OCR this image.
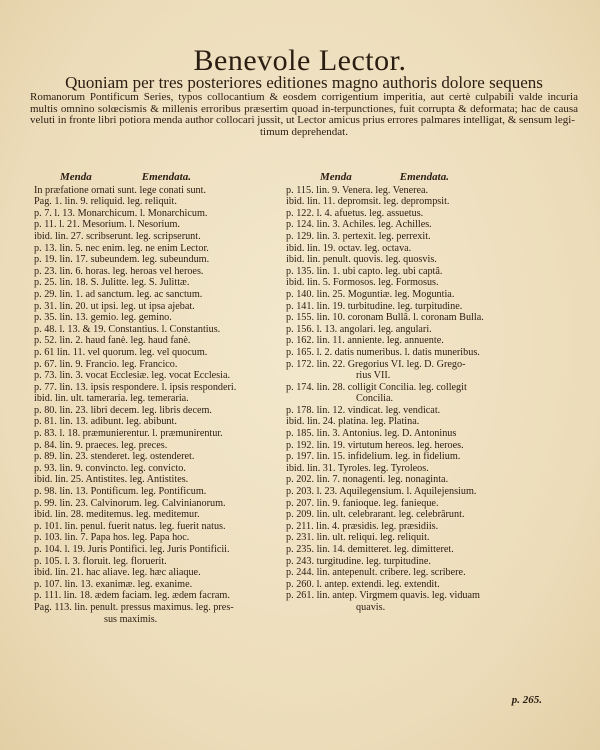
Benevole Lector.
Quoniam per tres posteriores editiones magno authoris dolore sequens
Romanorum Pontificum Series, typos collocantium & eosdem corrigentium imperitia, aut certè culpabili valde incuria multis omnino solœcismis & millenis erroribus præsertim quoad in-terpunctiones, fuit corrupta & deformata; hac de causa veluti in fronte libri potiora menda author collocari jussit, ut Lector amicus prius errores palmares intelligat, & sensum legi-
timum deprehendat.
Menda	Emendata.
In præfatione ornati sunt. lege conati sunt.
Pag. 1. lin. 9. reliquid. leg. reliquit.
p. 7. l. 13. Monarchicum. l. Monarchicum.
p. 11. l. 21. Mesorium. l. Nesorium.
ibid. lin. 27. scribserunt. leg. scripserunt.
p. 13. lin. 5. nec enim. leg. ne enim Lector.
p. 19. lin. 17. subeundem. leg. subeundum.
p. 23. lin. 6. horas. leg. heroas vel heroes.
p. 25. lin. 18. S. Julitte. leg. S. Julittæ.
p. 29. lin. 1. ad sanctum. leg. ac sanctum.
p. 31. lin. 20. ut ipsi. leg. ut ipsa ajebat.
p. 35. lin. 13. gemio. leg. gemino.
p. 48. l. 13. & 19. Constantius. l. Constantius.
p. 52. lin. 2. haud fanè. leg. haud fanè.
p. 61 lin. 11. vel quorum. leg. vel quocum.
p. 67. lin. 9. Francio. leg. Francico.
p. 73. lin. 3. vocat Ecclesiæ. leg. vocat Ecclesia.
p. 77. lin. 13. ipsis respondere. l. ipsis responderi.
ibid. lin. ult. tameraria. leg. temeraria.
p. 80. lin. 23. libri decem. leg. libris decem.
p. 81. lin. 13. adibunt. leg. abibunt.
p. 83. l. 18. præmunierentur. l. præmunirentur.
p. 84. lin. 9. praeces. leg. preces.
p. 89. lin. 23. stenderet. leg. ostenderet.
p. 93. lin. 9. convincto. leg. convicto.
ibid. lin. 25. Antistites. leg. Antistites.
p. 98. lin. 13. Pontificum. leg. Pontificum.
p. 99. lin. 23. Calvinorum. leg. Calvinianorum.
ibid. lin. 28. meditemus. leg. meditemur.
p. 101. lin. penul. fuerit natus. leg. fuerit natus.
p. 103. lin. 7. Papa hos. leg. Papa hoc.
p. 104. l. 19. Juris Pontifici. leg. Juris Pontificii.
p. 105. l. 3. floruit. leg. floruerit.
ibid. lin. 21. hac aliave. leg. hæc aliaque.
p. 107. lin. 13. exanimæ. leg. exanime.
p. 111. lin. 18. ædem faciam. leg. ædem facram.
Pag. 113. lin. penult. pressus maximus. leg. pres-
sus maximis.
Menda	Emendata.
p. 115. lin. 9. Venera. leg. Venerea.
ibid. lin. 11. depromsit. leg. deprompsit.
p. 122. l. 4. afuetus. leg. assuetus.
p. 124. lin. 3. Achiles. leg. Achilles.
p. 129. lin. 3. pertexit. leg. perrexit.
ibid. lin. 19. octav. leg. octava.
ibid. lin. penult. quovis. leg. quosvis.
p. 135. lin. 1. ubi capto. leg. ubi captâ.
ibid. lin. 5. Formosos. leg. Formosus.
p. 140. lin. 25. Moguntiæ. leg. Moguntia.
p. 141. lin. 19. turbitudine. leg. turpitudine.
p. 155. lin. 10. coronam Bullâ. l. coronam Bulla.
p. 156. l. 13. angolari. leg. angulari.
p. 162. lin. 11. anniente. leg. annuente.
p. 165. l. 2. datis numeribus. l. datis muneribus.
p. 172. lin. 22. Gregorius VI. leg. D. Grego-
rius VII.
p. 174. lin. 28. colligit Concilia. leg. collegit
Concilia.
p. 178. lin. 12. vindicat. leg. vendicat.
ibid. lin. 24. platina. leg. Platina.
p. 185. lin. 3. Antonius. leg. D. Antoninus
p. 192. lin. 19. virtutum hereos. leg. heroes.
p. 197. lin. 15. infidelium. leg. in fidelium.
ibid. lin. 31. Tyroles. leg. Tyroleos.
p. 202. lin. 7. nonagenti. leg. nonaginta.
p. 203. l. 23. Aquilegensium. l. Aquilejensium.
p. 207. lin. 9. fanioque. leg. fanieque.
p. 209. lin. ult. celebrarant. leg. celebrârunt.
p. 211. lin. 4. præsidis. leg. præsidiis.
p. 231. lin. ult. reliqui. leg. reliquit.
p. 235. lin. 14. demitteret. leg. dimitteret.
p. 243. turgitudine. leg. turpitudine.
p. 244. lin. antepenult. cribere. leg. scribere.
p. 260. l. antep. extendi. leg. extendit.
p. 261. lin. antep. Virgmem quavis. leg. viduam
quavis.
p. 265.
